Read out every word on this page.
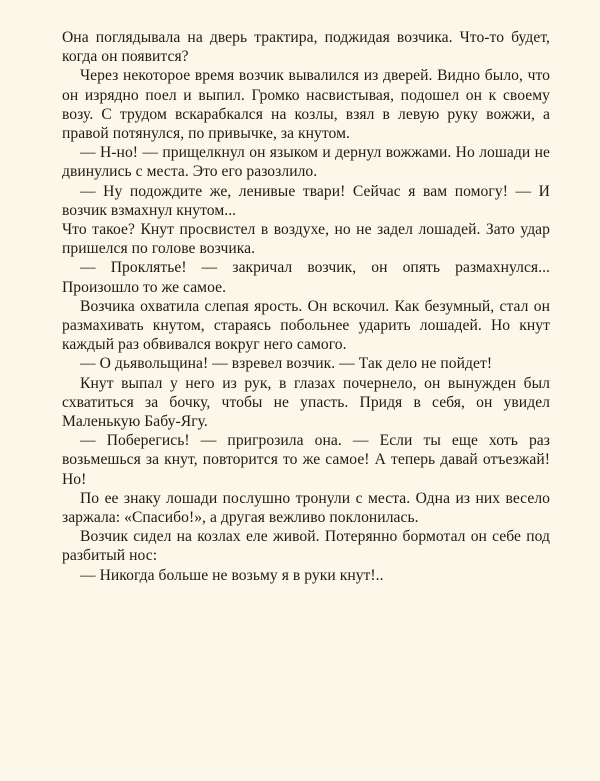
Она поглядывала на дверь трактира, поджидая возчика. Что-то будет, когда он появится?

Через некоторое время возчик вывалился из дверей. Видно было, что он изрядно поел и выпил. Громко насвистывая, подошел он к своему возу. С трудом вскарабкался на козлы, взял в левую руку вожжи, а правой потянулся, по привычке, за кнутом.

— Н-но! — прищелкнул он языком и дернул вожжами. Но лошади не двинулись с места. Это его разозлило.

— Ну подождите же, ленивые твари! Сейчас я вам помогу! — И возчик взмахнул кнутом...

Что такое? Кнут просвистел в воздухе, но не задел лошадей. Зато удар пришелся по голове возчика.

— Проклятье! — закричал возчик, он опять размахнулся... Произошло то же самое.

Возчика охватила слепая ярость. Он вскочил. Как безумный, стал он размахивать кнутом, стараясь побольнее ударить лошадей. Но кнут каждый раз обвивался вокруг него самого.

— О дьявольщина! — взревел возчик. — Так дело не пойдет!

Кнут выпал у него из рук, в глазах почернело, он вынужден был схватиться за бочку, чтобы не упасть. Придя в себя, он увидел Маленькую Бабу-Ягу.

— Поберегись! — пригрозила она. — Если ты еще хоть раз возьмешься за кнут, повторится то же самое! А теперь давай отъезжай! Но!

По ее знаку лошади послушно тронули с места. Одна из них весело заржала: «Спасибо!», а другая вежливо поклонилась.

Возчик сидел на козлах еле живой. Потерянно бормотал он себе под разбитый нос:

— Никогда больше не возьму я в руки кнут!..
